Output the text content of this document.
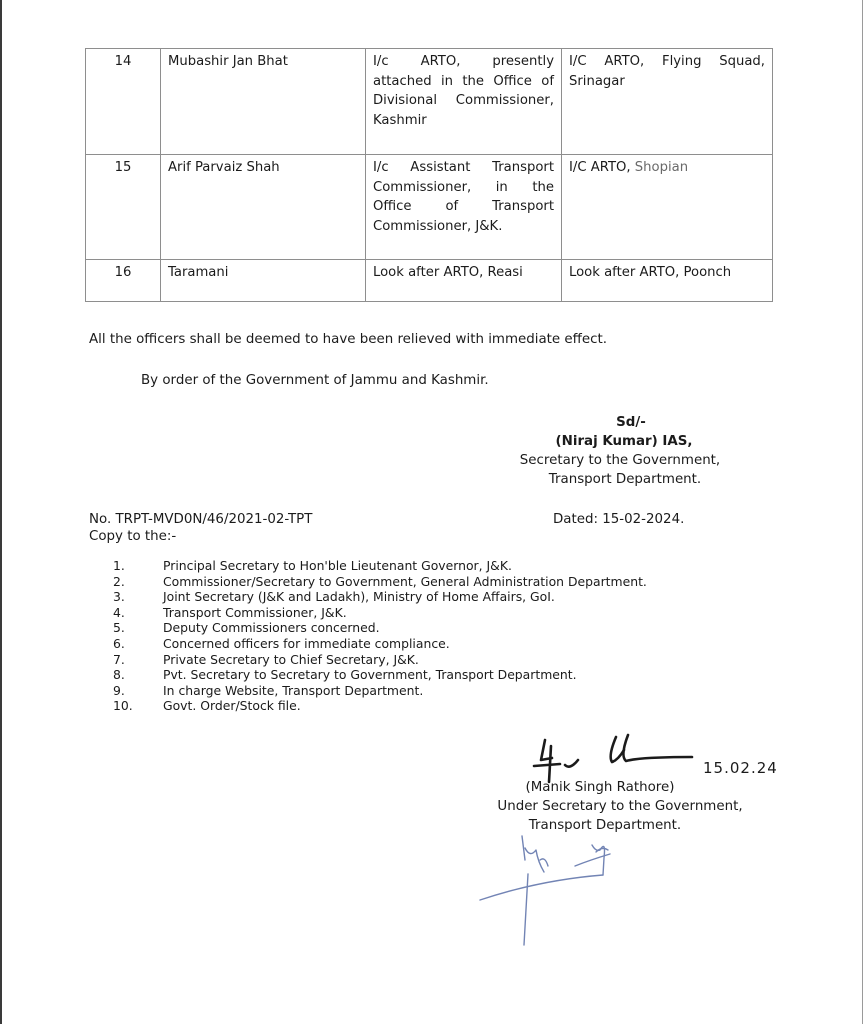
14	Mubashir Jan Bhat	I/c ARTO, presently attached in the Office of Divisional Commissioner, Kashmir	I/C ARTO, Flying Squad, Srinagar
15	Arif Parvaiz Shah	I/c Assistant Transport Commissioner, in the Office of Transport Commissioner, J&K.	I/C ARTO, Shopian
16	Taramani	Look after ARTO, Reasi	Look after ARTO, Poonch
All the officers shall be deemed to have been relieved with immediate effect.
By order of the Government of Jammu and Kashmir.
Sd/-
(Niraj Kumar) IAS,
Secretary to the Government,
Transport Department.
No. TRPT-MVD0N/46/2021-02-TPT	Dated: 15-02-2024.
Copy to the:-
1.	Principal Secretary to Hon'ble Lieutenant Governor, J&K.
2.	Commissioner/Secretary to Government, General Administration Department.
3.	Joint Secretary (J&K and Ladakh), Ministry of Home Affairs, GoI.
4.	Transport Commissioner, J&K.
5.	Deputy Commissioners concerned.
6.	Concerned officers for immediate compliance.
7.	Private Secretary to Chief Secretary, J&K.
8.	Pvt. Secretary to Secretary to Government, Transport Department.
9.	In charge Website, Transport Department.
10.	Govt. Order/Stock file.
15.02.24
(Manik Singh Rathore)
Under Secretary to the Government,
Transport Department.
